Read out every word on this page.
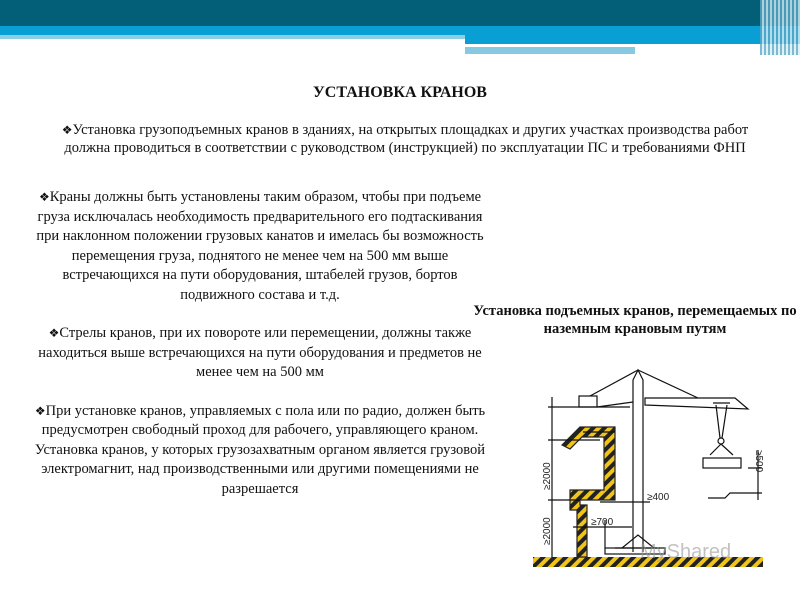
УСТАНОВКА КРАНОВ
❖Установка грузоподъемных кранов в зданиях, на открытых площадках и других участках производства работ должна проводиться в соответствии с руководством (инструкцией) по эксплуатации ПС и требованиями ФНП

❖Краны должны быть установлены таким образом, чтобы при подъеме груза исключалась необходимость предварительного его подтаскивания при наклонном положении грузовых канатов и имелась бы возможность перемещения груза, поднятого не менее чем на 500 мм выше встречающихся на пути оборудования, штабелей грузов, бортов подвижного состава и т.д.

❖Стрелы кранов, при их повороте или перемещении, должны также находиться выше встречающихся на пути оборудования и предметов не менее чем на 500 мм

❖При установке кранов, управляемых с пола или по радио, должен быть предусмотрен свободный проход для рабочего, управляющего краном. Установка кранов, у которых грузозахватным органом является грузовой электромагнит, над производственными или другими помещениями не разрешается

Установка подъемных кранов, перемещаемых по наземным крановым путям
≥2000
≥2000
≥500
≥400
≥700
MyShared
